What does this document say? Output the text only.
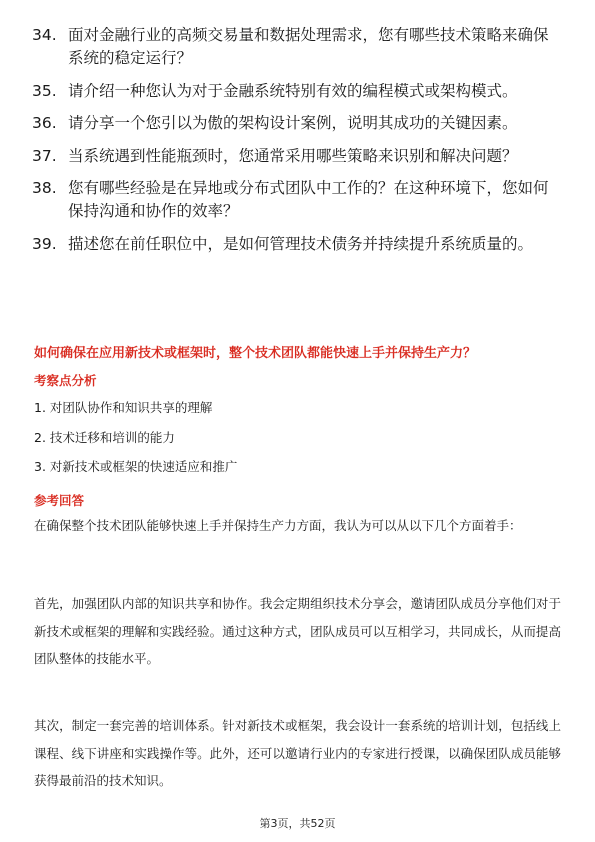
34. 面对金融行业的高频交易量和数据处理需求，您有哪些技术策略来确保系统的稳定运行？
35. 请介绍一种您认为对于金融系统特别有效的编程模式或架构模式。
36. 请分享一个您引以为傲的架构设计案例，说明其成功的关键因素。
37. 当系统遇到性能瓶颈时，您通常采用哪些策略来识别和解决问题？
38. 您有哪些经验是在异地或分布式团队中工作的？在这种环境下，您如何保持沟通和协作的效率？
39. 描述您在前任职位中，是如何管理技术债务并持续提升系统质量的。
如何确保在应用新技术或框架时，整个技术团队都能快速上手并保持生产力？
考察点分析
1. 对团队协作和知识共享的理解
2. 技术迁移和培训的能力
3. 对新技术或框架的快速适应和推广
参考回答
在确保整个技术团队能够快速上手并保持生产力方面，我认为可以从以下几个方面着手：
首先，加强团队内部的知识共享和协作。我会定期组织技术分享会，邀请团队成员分享他们对于新技术或框架的理解和实践经验。通过这种方式，团队成员可以互相学习，共同成长，从而提高团队整体的技能水平。
其次，制定一套完善的培训体系。针对新技术或框架，我会设计一套系统的培训计划，包括线上课程、线下讲座和实践操作等。此外，还可以邀请行业内的专家进行授课，以确保团队成员能够获得最前沿的技术知识。
第3页，共52页
